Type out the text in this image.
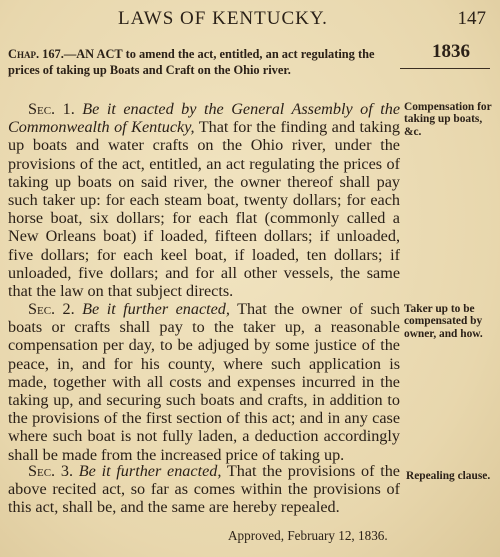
LAWS OF KENTUCKY.	147
1836
Chap. 167.—AN ACT to amend the act, entitled, an act regulating the prices of taking up Boats and Craft on the Ohio river.

Sec. 1. Be it enacted by the General Assembly of the Commonwealth of Kentucky, That for the finding and taking up boats and water crafts on the Ohio river, under the provisions of the act, entitled, an act regulating the prices of taking up boats on said river, the owner thereof shall pay such taker up: for each steam boat, twenty dollars; for each horse boat, six dollars; for each flat (commonly called a New Orleans boat) if loaded, fifteen dollars; if unloaded, five dollars; for each keel boat, if loaded, ten dollars; if unloaded, five dollars; and for all other vessels, the same that the law on that subject directs.

Compensation for taking up boats, &c.

Sec. 2. Be it further enacted, That the owner of such boats or crafts shall pay to the taker up, a reasonable compensation per day, to be adjuged by some justice of the peace, in, and for his county, where such application is made, together with all costs and expenses incurred in the taking up, and securing such boats and crafts, in addition to the provisions of the first section of this act; and in any case where such boat is not fully laden, a deduction accordingly shall be made from the increased price of taking up.

Taker up to be compensated by owner, and how.

Sec. 3. Be it further enacted, That the provisions of the above recited act, so far as comes within the provisions of this act, shall be, and the same are hereby repealed.

Repealing clause.
Approved, February 12, 1836.
